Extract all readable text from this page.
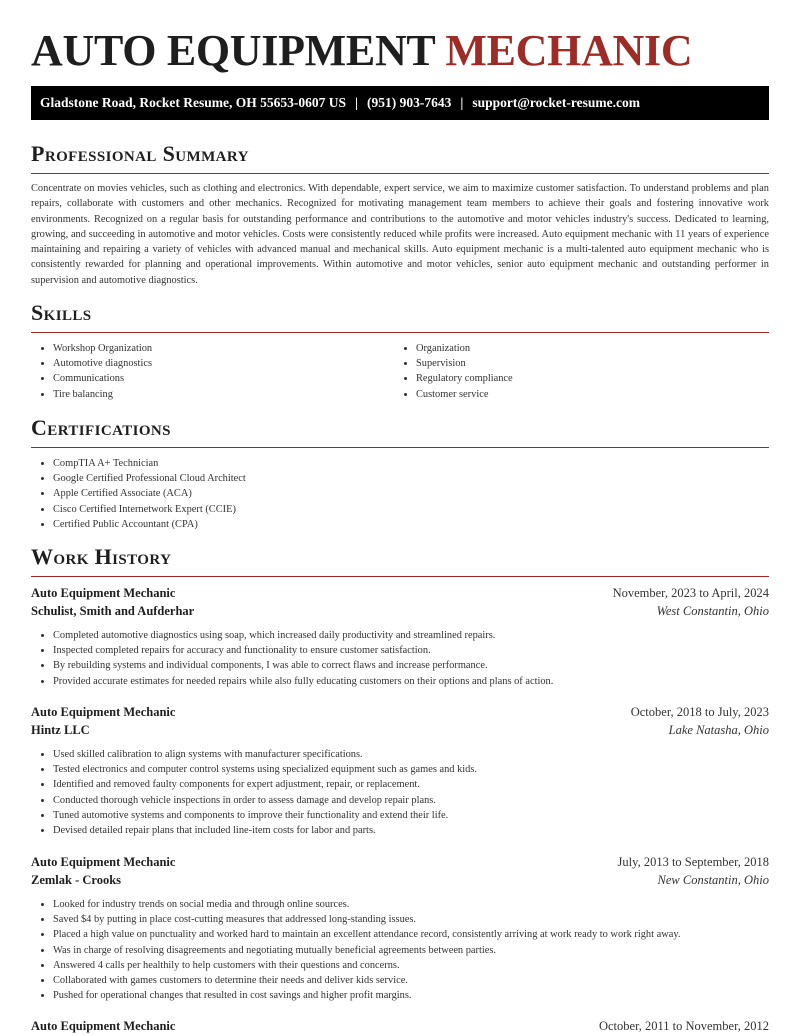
AUTO EQUIPMENT MECHANIC
Gladstone Road, Rocket Resume, OH 55653-0607 US | (951) 903-7643 | support@rocket-resume.com
Professional Summary

Concentrate on movies vehicles, such as clothing and electronics. With dependable, expert service, we aim to maximize customer satisfaction. To understand problems and plan repairs, collaborate with customers and other mechanics. Recognized for motivating management team members to achieve their goals and fostering innovative work environments. Recognized on a regular basis for outstanding performance and contributions to the automotive and motor vehicles industry's success. Dedicated to learning, growing, and succeeding in automotive and motor vehicles. Costs were consistently reduced while profits were increased. Auto equipment mechanic with 11 years of experience maintaining and repairing a variety of vehicles with advanced manual and mechanical skills. Auto equipment mechanic is a multi-talented auto equipment mechanic who is consistently rewarded for planning and operational improvements. Within automotive and motor vehicles, senior auto equipment mechanic and outstanding performer in supervision and automotive diagnostics.

Skills
• Workshop Organization
• Automotive diagnostics
• Communications
• Tire balancing
• Organization
• Supervision
• Regulatory compliance
• Customer service
Certifications
• CompTIA A+ Technician
• Google Certified Professional Cloud Architect
• Apple Certified Associate (ACA)
• Cisco Certified Internetwork Expert (CCIE)
• Certified Public Accountant (CPA)
Work History
Auto Equipment Mechanic	November, 2023 to April, 2024
Schulist, Smith and Aufderhar	West Constantin, Ohio
• Completed automotive diagnostics using soap, which increased daily productivity and streamlined repairs.
• Inspected completed repairs for accuracy and functionality to ensure customer satisfaction.
• By rebuilding systems and individual components, I was able to correct flaws and increase performance.
• Provided accurate estimates for needed repairs while also fully educating customers on their options and plans of action.
Auto Equipment Mechanic	October, 2018 to July, 2023
Hintz LLC	Lake Natasha, Ohio
• Used skilled calibration to align systems with manufacturer specifications.
• Tested electronics and computer control systems using specialized equipment such as games and kids.
• Identified and removed faulty components for expert adjustment, repair, or replacement.
• Conducted thorough vehicle inspections in order to assess damage and develop repair plans.
• Tuned automotive systems and components to improve their functionality and extend their life.
• Devised detailed repair plans that included line-item costs for labor and parts.
Auto Equipment Mechanic	July, 2013 to September, 2018
Zemlak - Crooks	New Constantin, Ohio
• Looked for industry trends on social media and through online sources.
• Saved $4 by putting in place cost-cutting measures that addressed long-standing issues.
• Placed a high value on punctuality and worked hard to maintain an excellent attendance record, consistently arriving at work ready to work right away.
• Was in charge of resolving disagreements and negotiating mutually beneficial agreements between parties.
• Answered 4 calls per healthily to help customers with their questions and concerns.
• Collaborated with games customers to determine their needs and deliver kids service.
• Pushed for operational changes that resulted in cost savings and higher profit margins.
Auto Equipment Mechanic	October, 2011 to November, 2012
